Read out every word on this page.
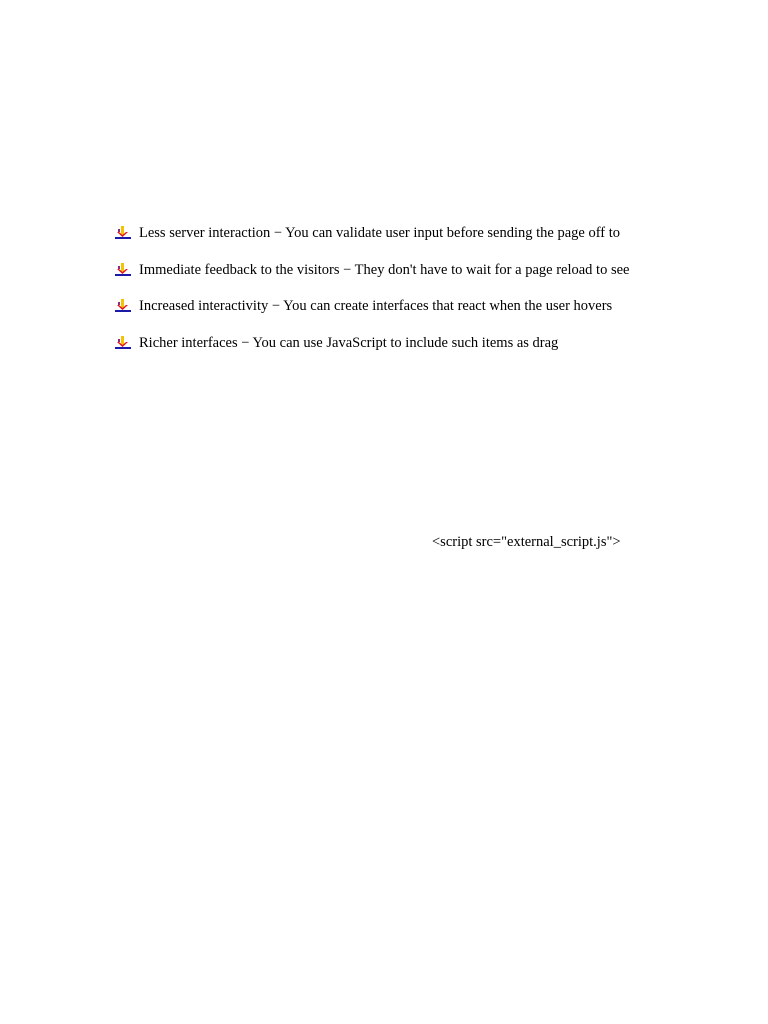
Less server interaction − You can validate user input before sending the page off to
Immediate feedback to the visitors − They don't have to wait for a page reload to see
Increased interactivity − You can create interfaces that react when the user hovers
Richer interfaces − You can use JavaScript to include such items as drag
<script src="external_script.js">
